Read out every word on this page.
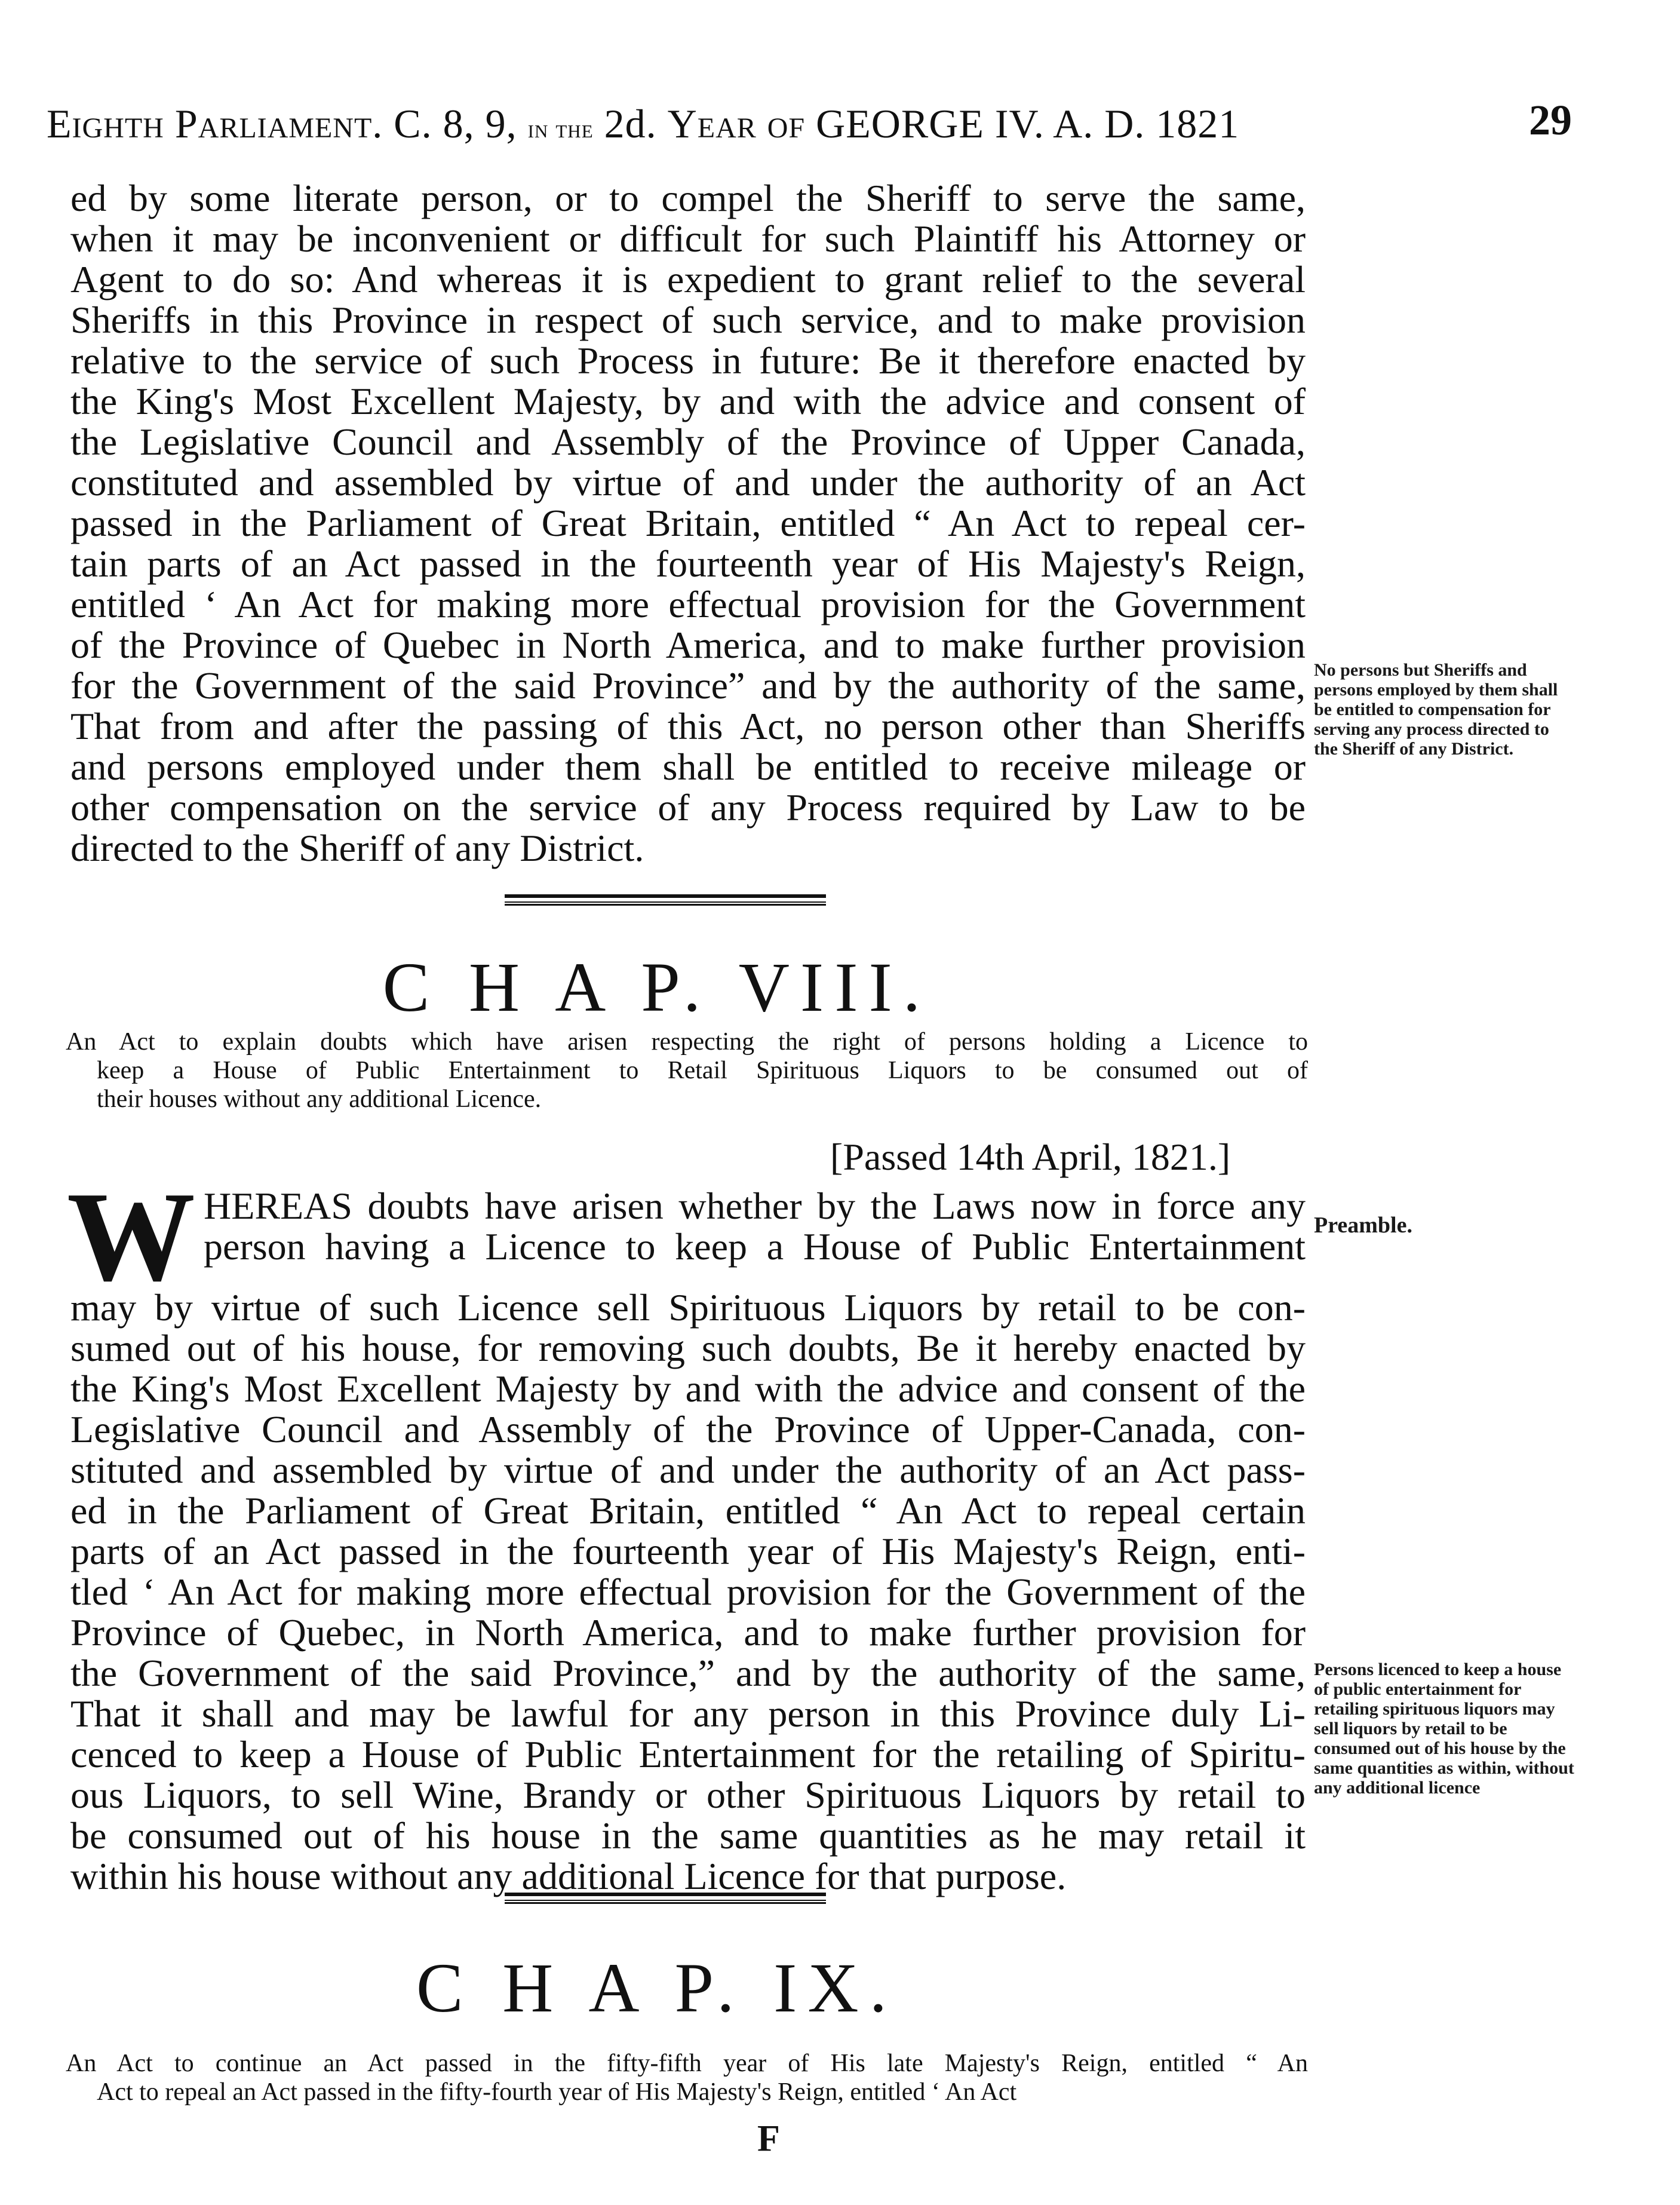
Eighth Parliament. C. 8, 9, in the 2d. Year of GEORGE IV. A. D. 1821	29
ed by some literate person, or to compel the Sheriff to serve the same,
when it may be inconvenient or difficult for such Plaintiff his Attorney or
Agent to do so: And whereas it is expedient to grant relief to the several
Sheriffs in this Province in respect of such service, and to make provision
relative to the service of such Process in future: Be it therefore enacted by
the King's Most Excellent Majesty, by and with the advice and consent of
the Legislative Council and Assembly of the Province of Upper Canada,
constituted and assembled by virtue of and under the authority of an Act
passed in the Parliament of Great Britain, entitled “ An Act to repeal cer-
tain parts of an Act passed in the fourteenth year of His Majesty's Reign,
entitled ‘ An Act for making more effectual provision for the Government
of the Province of Quebec in North America, and to make further provision
for the Government of the said Province” and by the authority of the same,
That from and after the passing of this Act, no person other than Sheriffs
and persons employed under them shall be entitled to receive mileage or
other compensation on the service of any Process required by Law to be
directed to the Sheriff of any District.
No persons but Sheriffs and persons employed by them shall be entitled to compensation for serving any process directed to the Sheriff of any District.
C H A P. VIII.
An Act to explain doubts which have arisen respecting the right of persons holding a Licence to
keep a House of Public Entertainment to Retail Spirituous Liquors to be consumed out of
their houses without any additional Licence.
[Passed 14th April, 1821.]
W HEREAS doubts have arisen whether by the Laws now in force any
person having a Licence to keep a House of Public Entertainment
may by virtue of such Licence sell Spirituous Liquors by retail to be con-
sumed out of his house, for removing such doubts, Be it hereby enacted by
the King's Most Excellent Majesty by and with the advice and consent of the
Legislative Council and Assembly of the Province of Upper-Canada, con-
stituted and assembled by virtue of and under the authority of an Act pass-
ed in the Parliament of Great Britain, entitled “ An Act to repeal certain
parts of an Act passed in the fourteenth year of His Majesty's Reign, enti-
tled ‘ An Act for making more effectual provision for the Government of the
Province of Quebec, in North America, and to make further provision for
the Government of the said Province,” and by the authority of the same,
That it shall and may be lawful for any person in this Province duly Li-
cenced to keep a House of Public Entertainment for the retailing of Spiritu-
ous Liquors, to sell Wine, Brandy or other Spirituous Liquors by retail to
be consumed out of his house in the same quantities as he may retail it
within his house without any additional Licence for that purpose.
Preamble.
Persons licenced to keep a house of public entertainment for retailing spirituous liquors may sell liquors by retail to be consumed out of his house by the same quantities as within, without any additional licence
C H A P. IX.
An Act to continue an Act passed in the fifty-fifth year of His late Majesty's Reign, entitled “ An
Act to repeal an Act passed in the fifty-fourth year of His Majesty's Reign, entitled ‘ An Act
F
